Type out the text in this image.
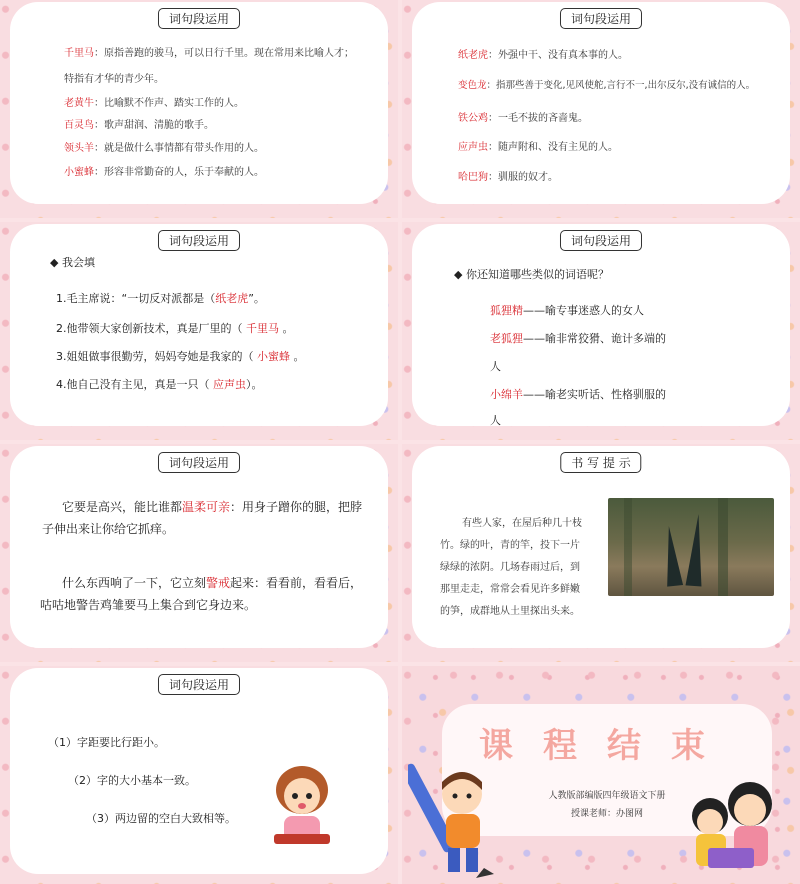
词句段运用
千里马：原指善跑的骏马，可以日行千里。现在常用来比喻人才；
特指有才华的青少年。
老黄牛：比喻默不作声、踏实工作的人。
百灵鸟：歌声甜润、清脆的歌手。
领头羊：就是做什么事情都有带头作用的人。
小蜜蜂：形容非常勤奋的人，乐于奉献的人。
词句段运用
纸老虎：外强中干、没有真本事的人。
变色龙：指那些善于变化,见风使舵,言行不一,出尔反尔,没有诚信的人。
铁公鸡：一毛不拔的吝啬鬼。
应声虫：随声附和、没有主见的人。
哈巴狗：驯服的奴才。
词句段运用
◆ 我会填
1.毛主席说：“一切反对派都是（纸老虎”。
2.他带领大家创新技术，真是厂里的（ 千里马 。
3.姐姐做事很勤劳，妈妈夸她是我家的（ 小蜜蜂 。
4.他自己没有主见，真是一只（ 应声虫）。
词句段运用
◆ 你还知道哪些类似的词语呢？
狐狸精——喻专事迷惑人的女人
老狐狸——喻非常狡猾、诡计多端的
人
小绵羊——喻老实听话、性格驯服的
人
词句段运用
它要是高兴，能比谁都温柔可亲：用身子蹭你的腿，把脖
子伸出来让你给它抓痒。
什么东西响了一下，它立刻警戒起来：看看前，看看后，
咕咕地警告鸡雏要马上集合到它身边来。
书 写 提 示
有些人家，在屋后种几十枝
竹。绿的叶，青的竿，投下一片
绿绿的浓阴。几场春雨过后，到
那里走走，常常会看见许多鲜嫩
的笋，成群地从土里探出头来。
词句段运用
（1）字距要比行距小。
（2）字的大小基本一致。
（3）两边留的空白大致相等。
课程结束
人教版部编版四年级语文下册
授课老师：办图网
